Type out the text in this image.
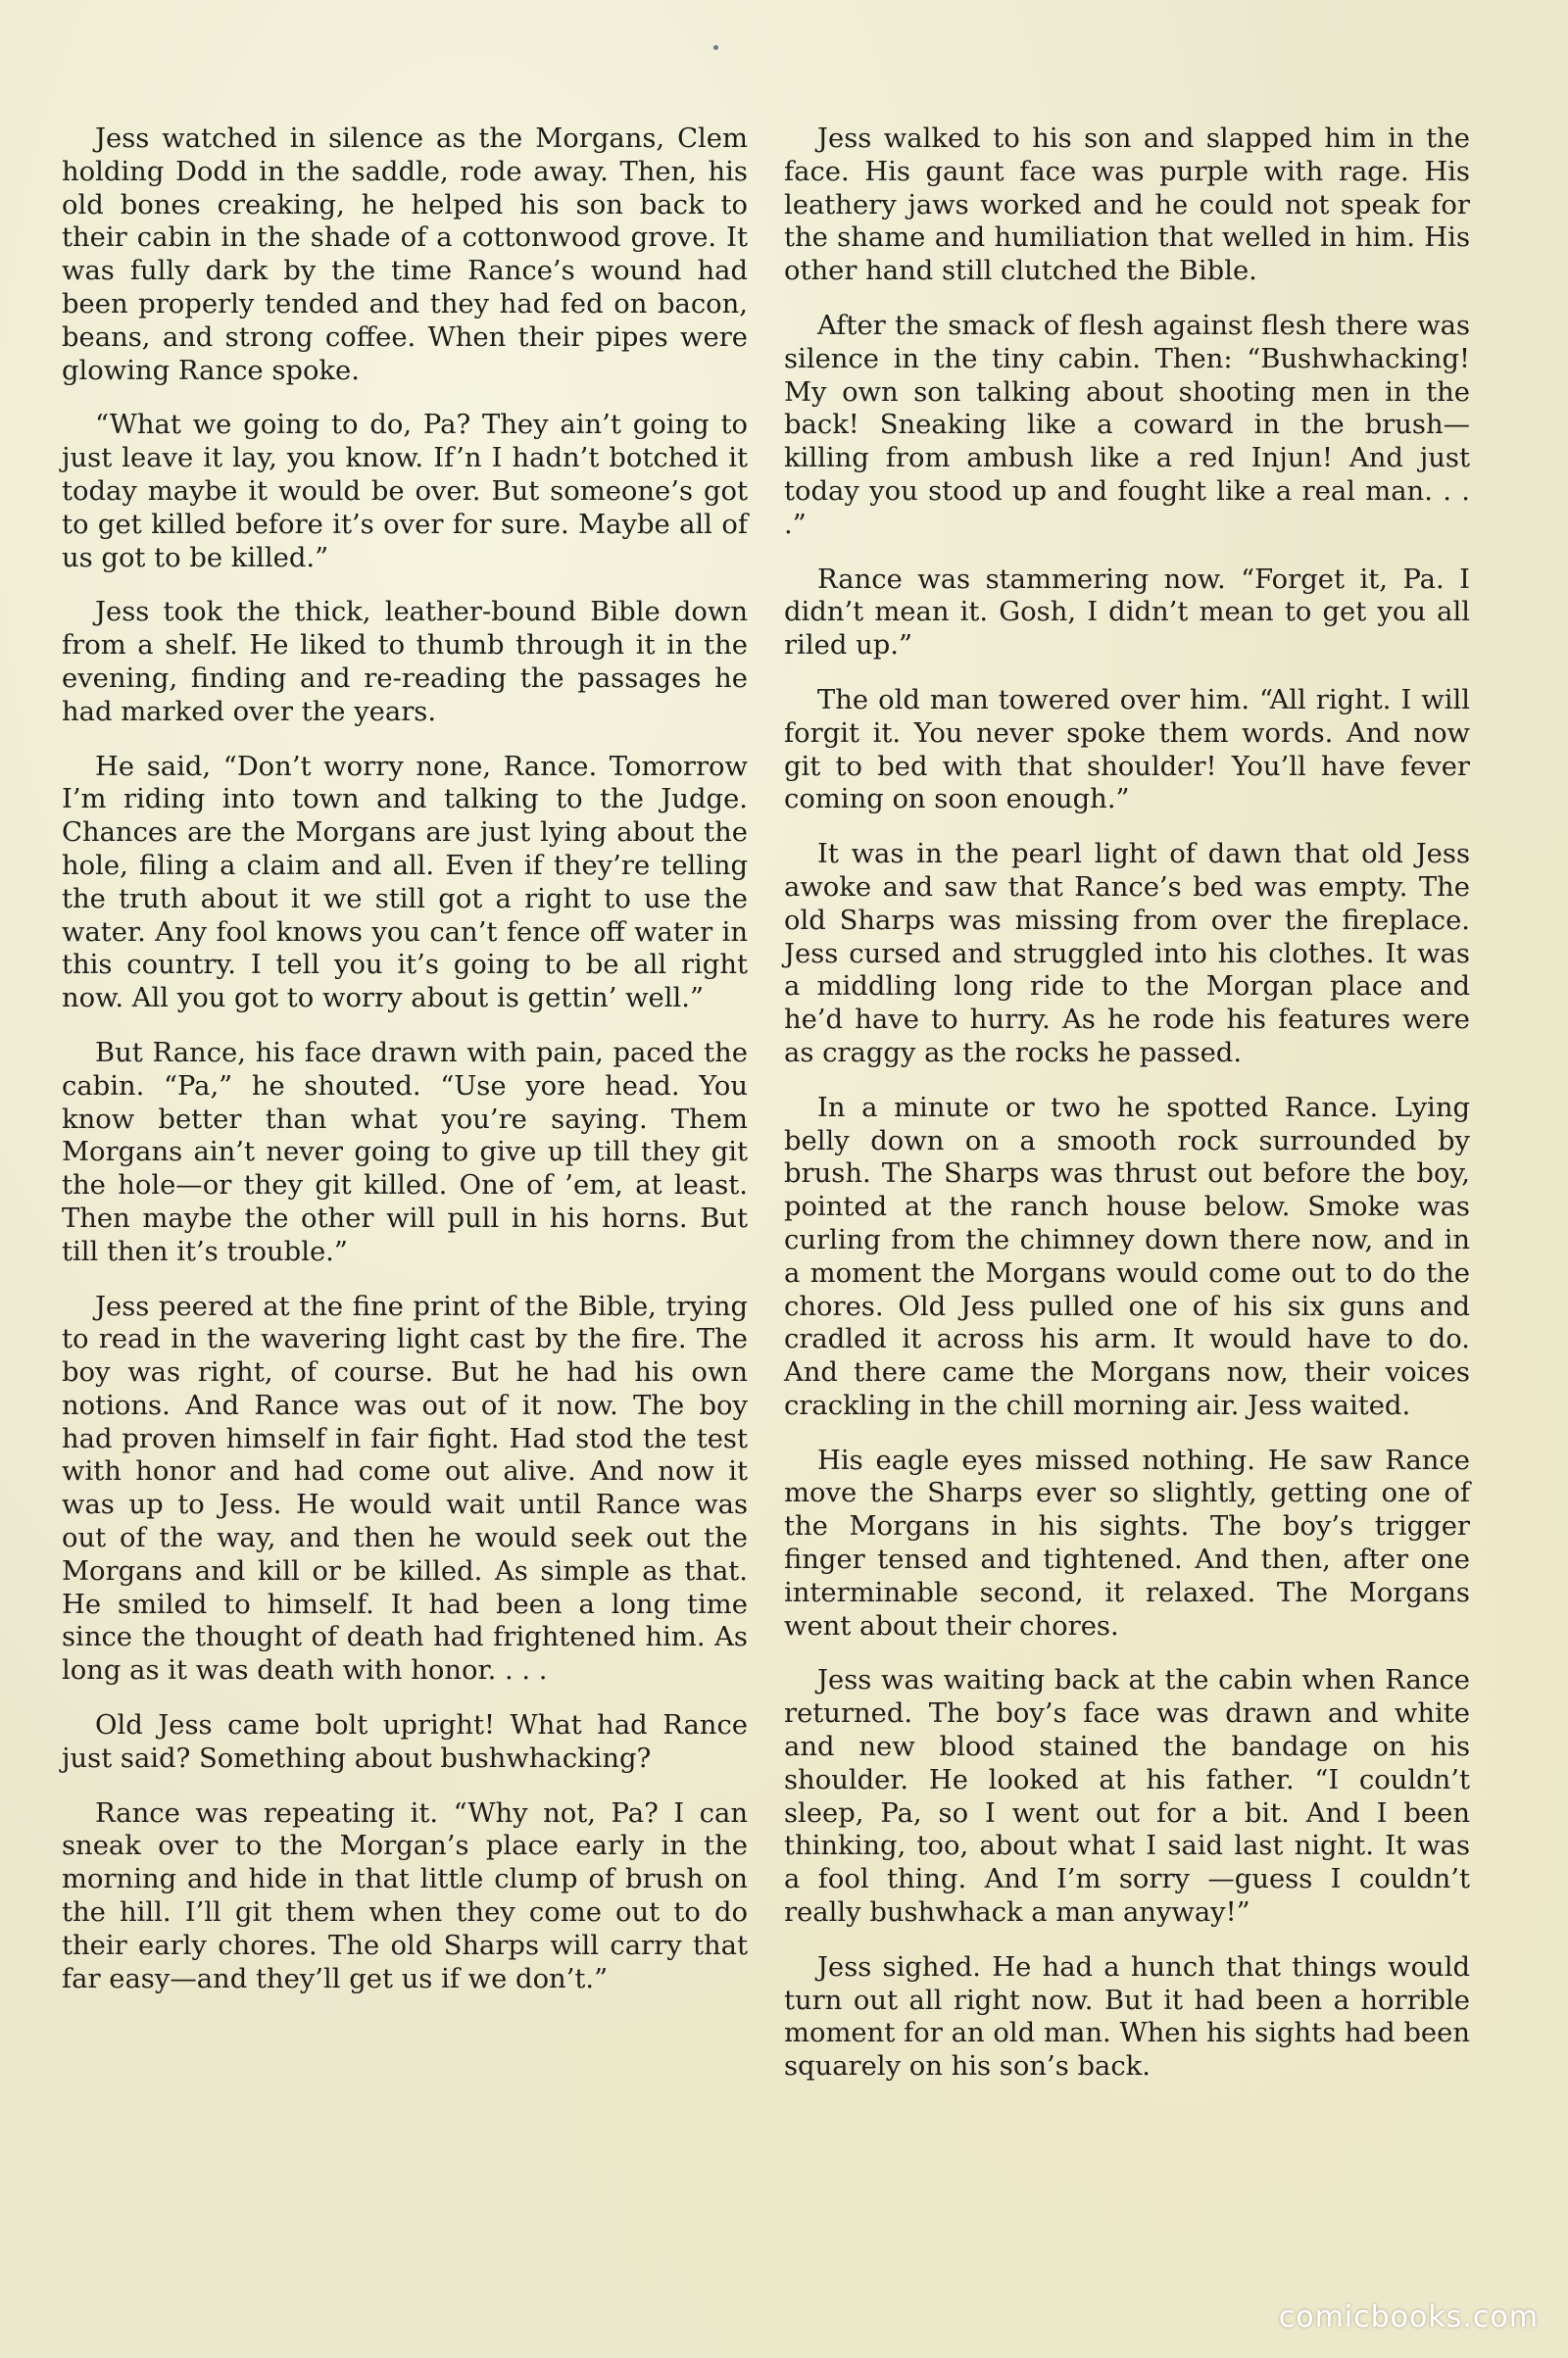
Jess watched in silence as the Morgans, Clem holding Dodd in the saddle, rode away. Then, his old bones creaking, he helped his son back to their cabin in the shade of a cottonwood grove. It was fully dark by the time Rance’s wound had been properly tended and they had fed on bacon, beans, and strong coffee. When their pipes were glowing Rance spoke.

“What we going to do, Pa? They ain’t going to just leave it lay, you know. If’n I hadn’t botched it today maybe it would be over. But someone’s got to get killed before it’s over for sure. Maybe all of us got to be killed.”

Jess took the thick, leather-bound Bible down from a shelf. He liked to thumb through it in the evening, finding and re-reading the passages he had marked over the years.

He said, “Don’t worry none, Rance. Tomorrow I’m riding into town and talking to the Judge. Chances are the Morgans are just lying about the hole, filing a claim and all. Even if they’re telling the truth about it we still got a right to use the water. Any fool knows you can’t fence off water in this country. I tell you it’s going to be all right now. All you got to worry about is gettin’ well.”

But Rance, his face drawn with pain, paced the cabin. “Pa,” he shouted. “Use yore head. You know better than what you’re saying. Them Morgans ain’t never going to give up till they git the hole—or they git killed. One of ’em, at least. Then maybe the other will pull in his horns. But till then it’s trouble.”

Jess peered at the fine print of the Bible, trying to read in the wavering light cast by the fire. The boy was right, of course. But he had his own notions. And Rance was out of it now. The boy had proven himself in fair fight. Had stod the test with honor and had come out alive. And now it was up to Jess. He would wait until Rance was out of the way, and then he would seek out the Morgans and kill or be killed. As simple as that. He smiled to himself. It had been a long time since the thought of death had frightened him. As long as it was death with honor. . . .

Old Jess came bolt upright! What had Rance just said? Something about bushwhacking?

Rance was repeating it. “Why not, Pa? I can sneak over to the Morgan’s place early in the morning and hide in that little clump of brush on the hill. I’ll git them when they come out to do their early chores. The old Sharps will carry that far easy—and they’ll get us if we don’t.”

Jess walked to his son and slapped him in the face. His gaunt face was purple with rage. His leathery jaws worked and he could not speak for the shame and humiliation that welled in him. His other hand still clutched the Bible.

After the smack of flesh against flesh there was silence in the tiny cabin. Then: “Bushwhacking! My own son talking about shooting men in the back! Sneaking like a coward in the brush—killing from ambush like a red Injun! And just today you stood up and fought like a real man. . . .”

Rance was stammering now. “Forget it, Pa. I didn’t mean it. Gosh, I didn’t mean to get you all riled up.”

The old man towered over him. “All right. I will forgit it. You never spoke them words. And now git to bed with that shoulder! You’ll have fever coming on soon enough.”

It was in the pearl light of dawn that old Jess awoke and saw that Rance’s bed was empty. The old Sharps was missing from over the fireplace. Jess cursed and struggled into his clothes. It was a middling long ride to the Morgan place and he’d have to hurry. As he rode his features were as craggy as the rocks he passed.

In a minute or two he spotted Rance. Lying belly down on a smooth rock surrounded by brush. The Sharps was thrust out before the boy, pointed at the ranch house below. Smoke was curling from the chimney down there now, and in a moment the Morgans would come out to do the chores. Old Jess pulled one of his six guns and cradled it across his arm. It would have to do. And there came the Morgans now, their voices crackling in the chill morning air. Jess waited.

His eagle eyes missed nothing. He saw Rance move the Sharps ever so slightly, getting one of the Morgans in his sights. The boy’s trigger finger tensed and tightened. And then, after one interminable second, it relaxed. The Morgans went about their chores.

Jess was waiting back at the cabin when Rance returned. The boy’s face was drawn and white and new blood stained the bandage on his shoulder. He looked at his father. “I couldn’t sleep, Pa, so I went out for a bit. And I been thinking, too, about what I said last night. It was a fool thing. And I’m sorry —guess I couldn’t really bushwhack a man anyway!”

Jess sighed. He had a hunch that things would turn out all right now. But it had been a horrible moment for an old man. When his sights had been squarely on his son’s back.

comicbooks.com
